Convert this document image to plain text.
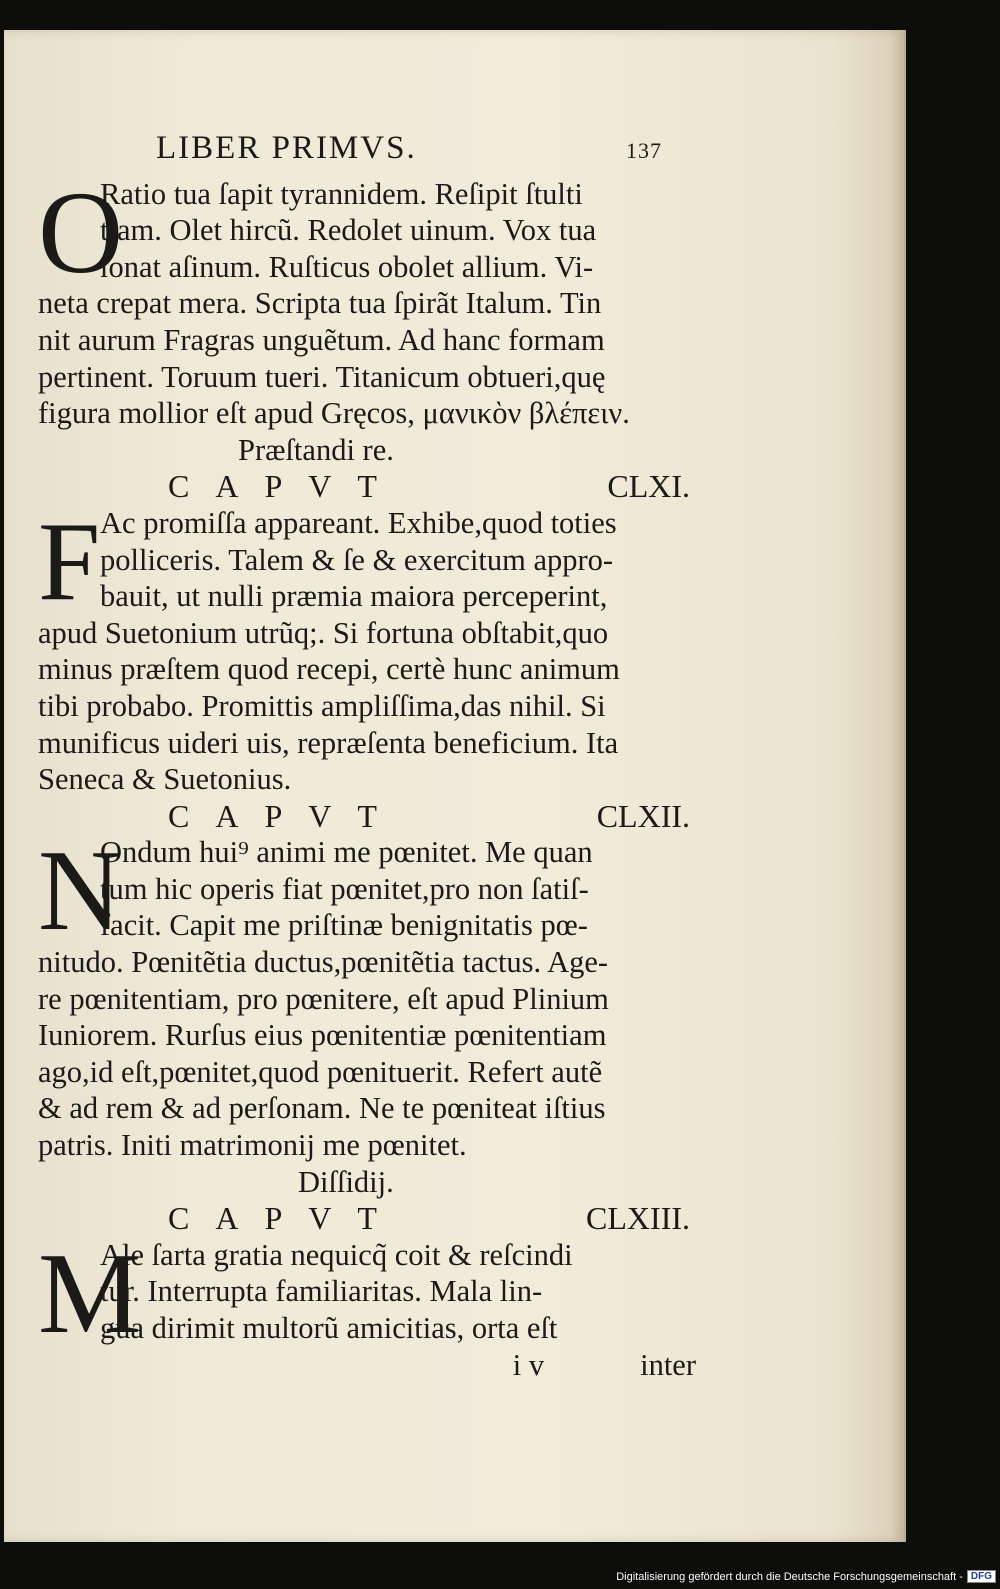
LIBER PRIMVS.	137
O
Ratio tua ſapit tyrannidem. Reſipit ſtulti
tiam. Olet hircũ. Redolet uinum. Vox tua
ſonat aſinum. Ruſticus obolet allium. Vi-
neta crepat mera. Scripta tua ſpirãt Italum. Tin
nit aurum Fragras unguẽtum. Ad hanc formam
pertinent. Toruum tueri. Titanicum obtueri,quę
figura mollior eſt apud Gręcos, μανικὸν βλέπειν.
Præſtandi re.
CAPVT	CLXI.
F Ac promiſſa appareant. Exhibe,quod toties
polliceris. Talem & ſe & exercitum appro-
bauit, ut nulli præmia maiora perceperint,
apud Suetonium utrũq;. Si fortuna obſtabit,quo
minus præſtem quod recepi, certè hunc animum
tibi probabo. Promittis ampliſſima,das nihil. Si
munificus uideri uis, repræſenta beneficium. Ita
Seneca & Suetonius.
CAPVT	CLXII.
N
Ondum hui⁹ animi me pœnitet. Me quan
tum hic operis fiat pœnitet,pro non ſatiſ-
facit. Capit me priſtinæ benignitatis pœ-
nitudo. Pœnitẽtia ductus,pœnitẽtia tactus. Age-
re pœnitentiam, pro pœnitere, eſt apud Plinium
Iuniorem. Rurſus eius pœnitentiæ pœnitentiam
ago,id eſt,pœnitet,quod pœnituerit. Refert autẽ
& ad rem & ad perſonam. Ne te pœniteat iſtius
patris. Initi matrimonij me pœnitet.
Diſſidij.
CAPVT	CLXIII.
M
Ale ſarta gratia nequicq̃ coit & reſcindi
tur. Interrupta familiaritas. Mala lin-
gua dirimit multorũ amicitias, orta eſt
i v	inter
Digitalisierung gefördert durch die Deutsche Forschungsgemeinschaft - DFG
